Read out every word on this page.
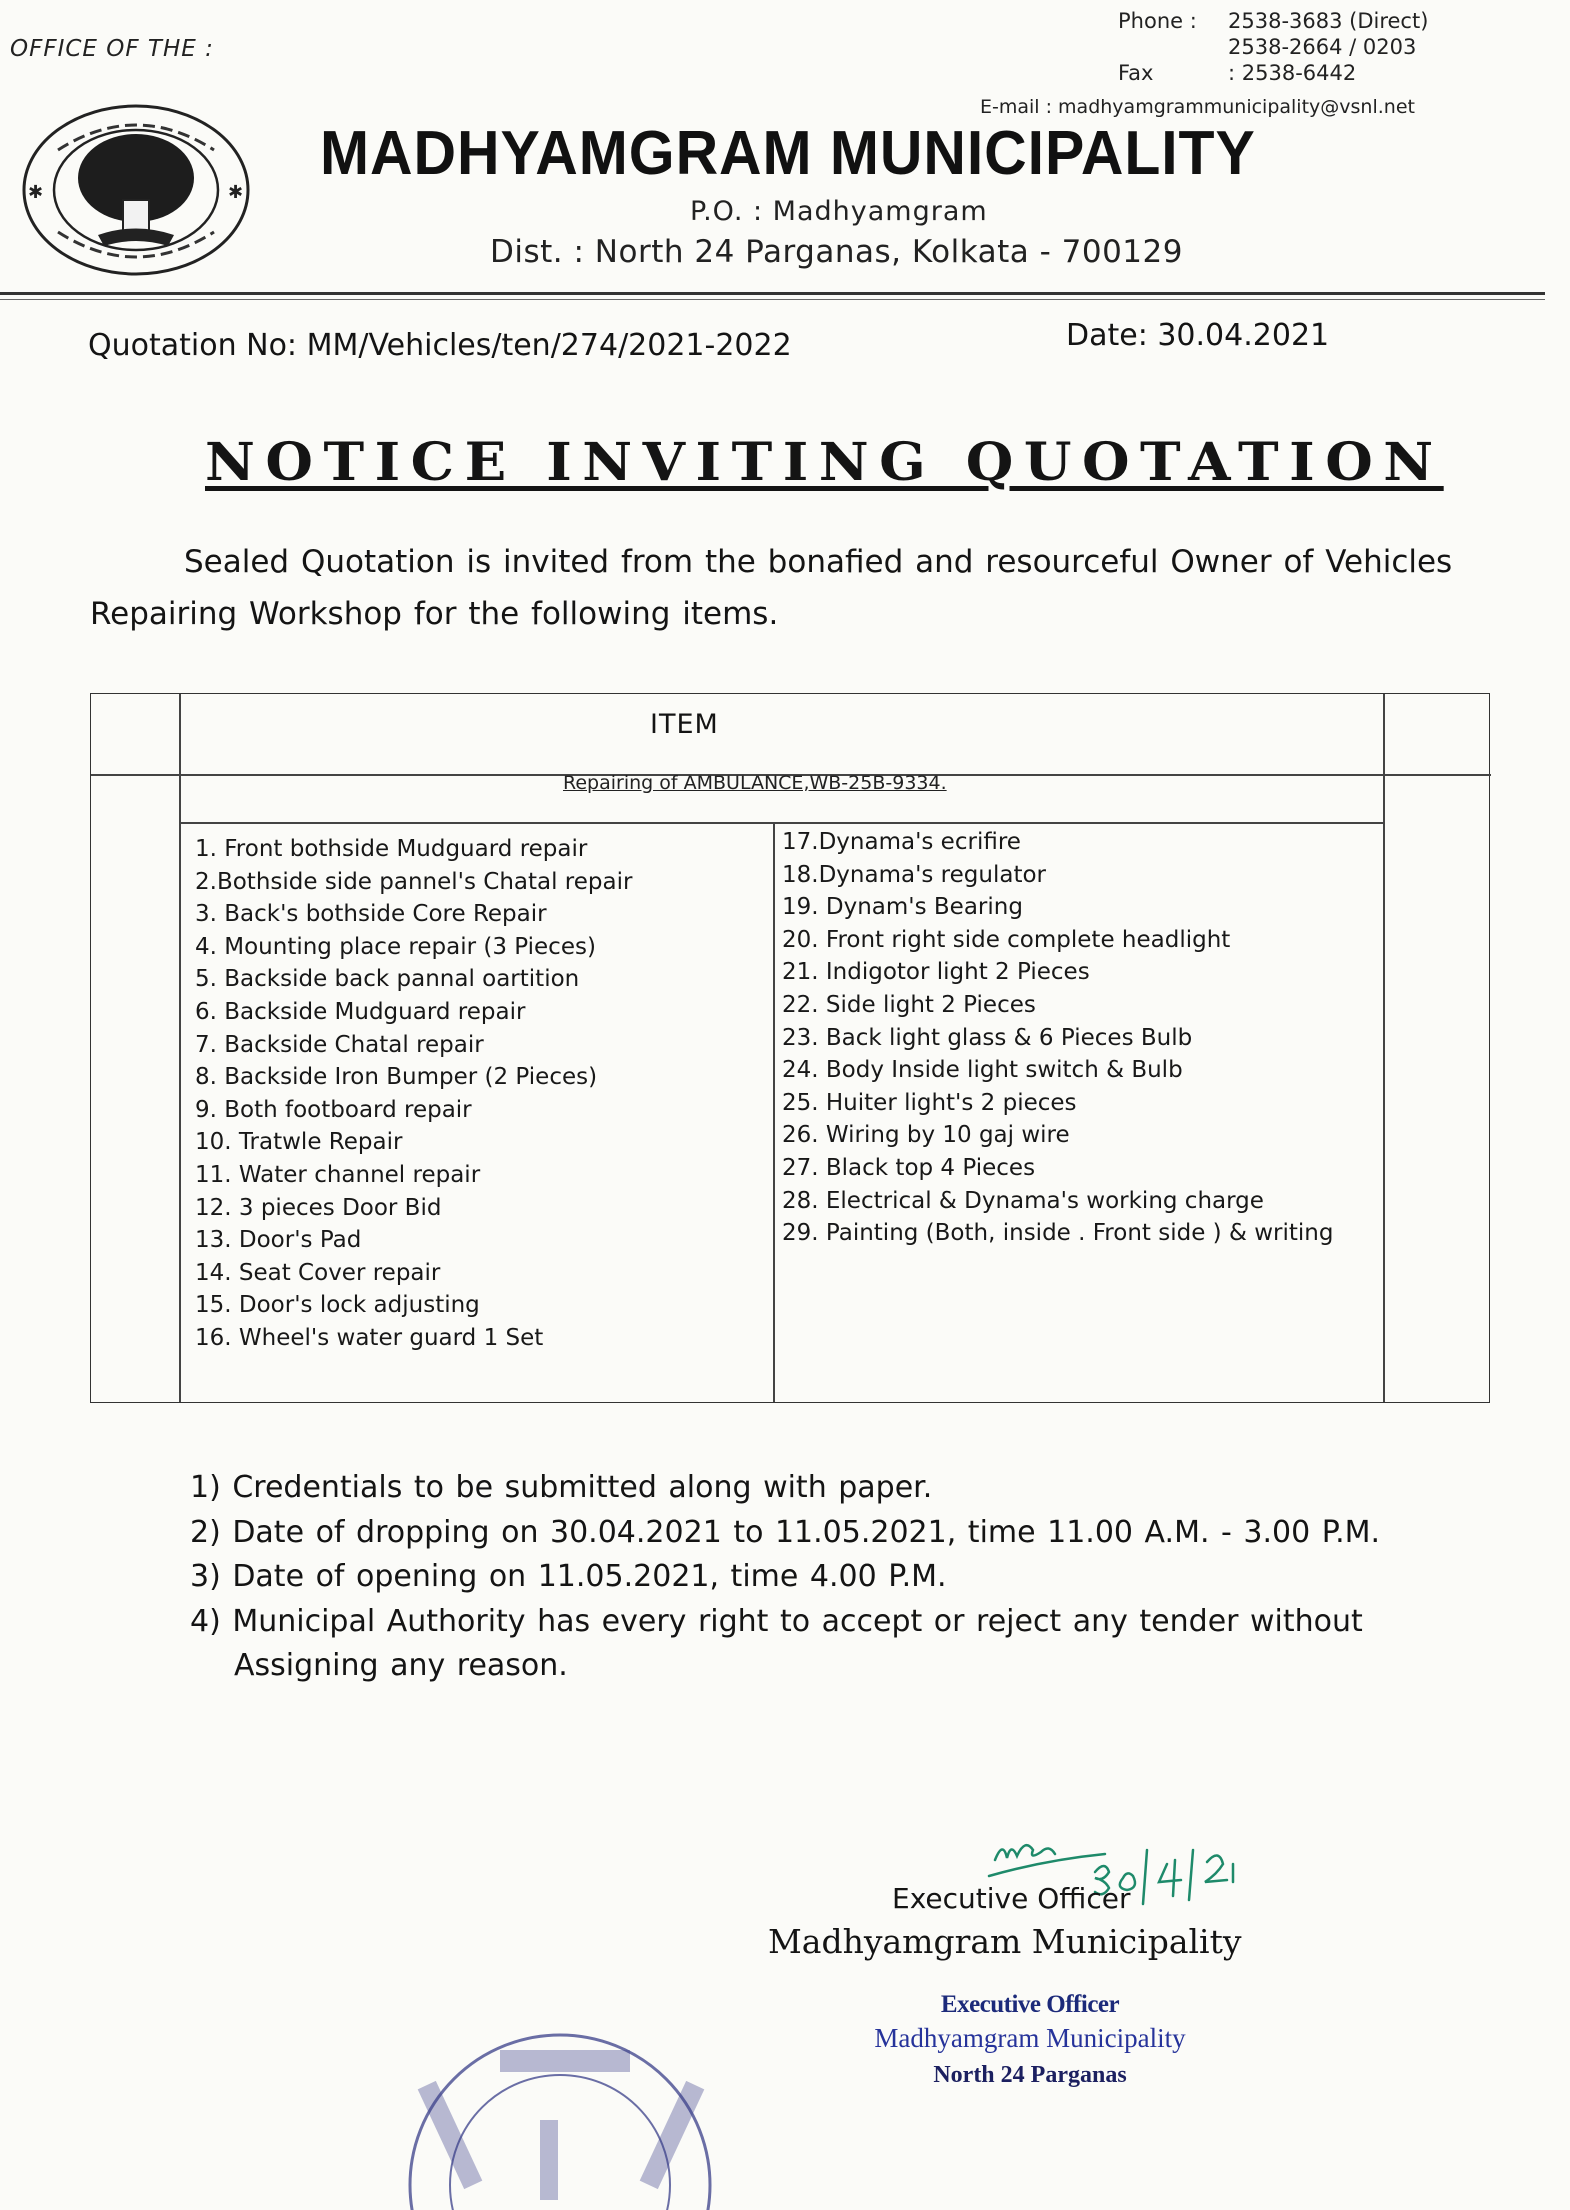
OFFICE OF THE :
Phone : 2538-3683 (Direct)
2538-2664 / 0203
Fax	: 2538-6442
E-mail : madhyamgrammunicipality@vsnl.net
✱	✱
MADHYAMGRAM MUNICIPALITY
P.O. : Madhyamgram
Dist. : North 24 Parganas, Kolkata - 700129
Quotation No: MM/Vehicles/ten/274/2021-2022	Date: 30.04.2021
NOTICE INVITING QUOTATION
Sealed Quotation is invited from the bonafied and resourceful Owner of Vehicles
Repairing Workshop for the following items.
ITEM
Repairing of AMBULANCE,WB-25B-9334.
1. Front bothside Mudguard repair
2.Bothside side pannel's Chatal repair
3. Back's bothside Core Repair
4. Mounting place repair (3 Pieces)
5. Backside back pannal oartition
6. Backside Mudguard repair
7. Backside Chatal repair
8. Backside Iron Bumper (2 Pieces)
9. Both footboard repair
10. Tratwle Repair
11. Water channel repair
12. 3 pieces Door Bid
13. Door's Pad
14. Seat Cover repair
15. Door's lock adjusting
16. Wheel's water guard 1 Set
17.Dynama's ecrifire
18.Dynama's regulator
19. Dynam's Bearing
20. Front right side complete headlight
21. Indigotor light 2 Pieces
22. Side light 2 Pieces
23. Back light glass & 6 Pieces Bulb
24. Body Inside light switch & Bulb
25. Huiter light's 2 pieces
26. Wiring by 10 gaj wire
27. Black top 4 Pieces
28. Electrical & Dynama's working charge
29. Painting (Both, inside . Front side ) & writing
1) Credentials to be submitted along with paper.
2) Date of dropping on 30.04.2021 to 11.05.2021, time 11.00 A.M. - 3.00 P.M.
3) Date of opening on 11.05.2021, time 4.00 P.M.
4) Municipal Authority has every right to accept or reject any tender without
Assigning any reason.
Executive Officer
Madhyamgram Municipality
Executive Officer
Madhyamgram Municipality
North 24 Parganas
